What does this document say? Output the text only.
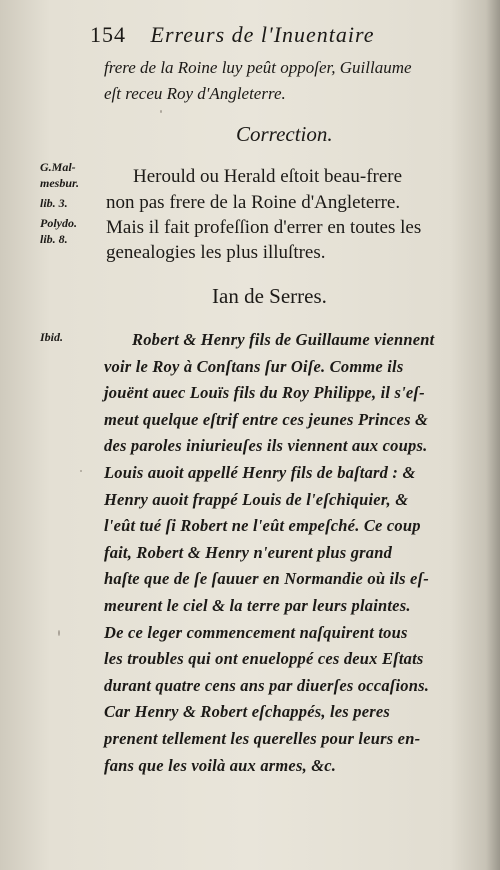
154 Erreurs de l'Inuentaire
frere de la Roine luy peût oppoſer, Guillaume
eſt receu Roy d'Angleterre.
Correction.
G.Mal-
mesbur.
lib. 3.
Polydo.
lib. 8.
Herould ou Herald eſtoit beau-frere
non pas frere de la Roine d'Angleterre.
Mais il fait profeſſion d'errer en toutes les
genealogies les plus illuſtres.
Ian de Serres.
Ibid.	Robert & Henry fils de Guillaume viennent
voir le Roy à Conſtans ſur Oiſe. Comme ils
jouënt auec Louïs fils du Roy Philippe, il s'eſ-
meut quelque eſtrif entre ces jeunes Princes &
des paroles iniurieuſes ils viennent aux coups.
Louis auoit appellé Henry fils de baſtard : &
Henry auoit frappé Louis de l'eſchiquier, &
l'eût tué ſi Robert ne l'eût empeſché. Ce coup
fait, Robert & Henry n'eurent plus grand
haſte que de ſe ſauuer en Normandie où ils eſ-
meurent le ciel & la terre par leurs plaintes.
De ce leger commencement naſquirent tous
les troubles qui ont enueloppé ces deux Eſtats
durant quatre cens ans par diuerſes occaſions.
Car Henry & Robert eſchappés, les peres
prenent tellement les querelles pour leurs en-
fans que les voilà aux armes, &c.
